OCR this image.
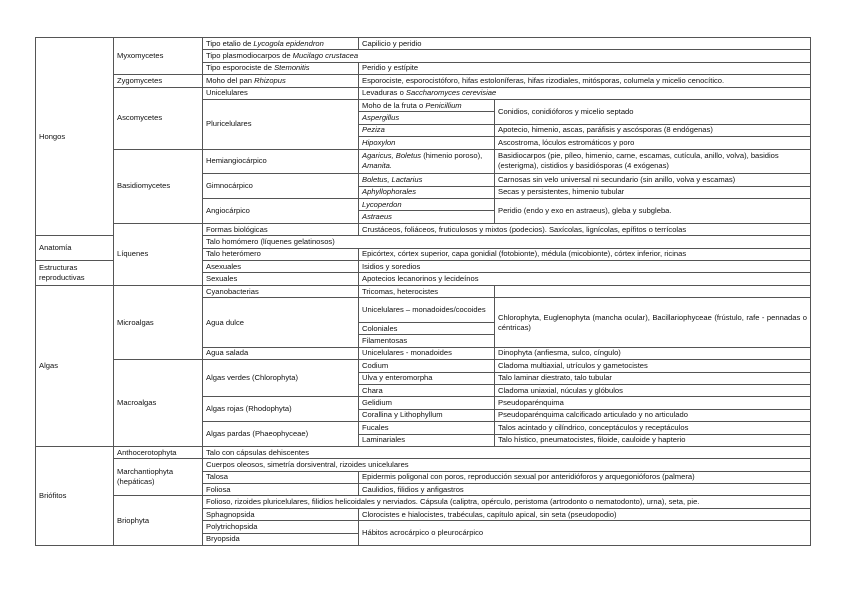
Hongos	Myxomycetes	Tipo etalio de Lycogola epidendron	Capilicio y peridio	
		Tipo plasmodiocarpos de Mucilago crustacea		
		Tipo esporociste de Stemonitis	Peridio y estípite	
	Zygomycetes	Moho del pan Rhizopus	Esporociste, esporocistóforo, hifas estoloníferas, hifas rizodiales, mitósporas, columela y micelio cenocítico.	
	Ascomycetes	Unicelulares	Levaduras o Saccharomyces cerevisiae	
		Pluricelulares	Moho de la fruta o Penicillium	Conidios, conidióforos y micelio septado
			Aspergillus	
			Peziza	Apotecio, himenio, ascas, paráfisis y ascósporas (8 endógenas)
			Hipoxylon	Ascostroma, lóculos estromáticos y poro
	Basidiomycetes	Hemiangiocárpico	Agaricus, Boletus (himenio poroso), Amanita.	Basidiocarpos (pie, píleo, himenio, carne, escamas, cutícula, anillo, volva), basidios (esterigma), cistidios y basidiósporas (4 exógenas)
		Gimnocárpico	Boletus, Lactarius	Carnosas sin velo universal ni secundario (sin anillo, volva y escamas)
			Aphyllophorales	Secas y persistentes, himenio tubular
		Angiocárpico	Lycoperdon	Peridio (endo y exo en astraeus), gleba y subgleba.
			Astraeus	
	Líquenes	Formas biológicas	Crustáceos, foliáceos, fruticulosos y mixtos (podecios). Saxícolas, lignícolas, epífitos o terrícolas	
Anatomía		Talo homómero (líquenes gelatinosos)		
		Talo heterómero	Epicórtex, córtex superior, capa gonidial (fotobionte), médula (micobionte), córtex inferior, ricinas	
Estructuras reproductivas		Asexuales	Isidios y soredios	
		Sexuales	Apotecios lecanorinos y lecideínos	
Algas	Microalgas	Cyanobacterias	Tricomas, heterocistes	
		Agua dulce	Unicelulares – monadoides/cocoides	Chlorophyta, Euglenophyta (mancha ocular), Bacillariophyceae (frústulo, rafe - pennadas o céntricas)
			Coloniales	
			Filamentosas	
		Agua salada	Unicelulares - monadoides	Dinophyta (anfiesma, sulco, cíngulo)
	Macroalgas	Algas verdes (Chlorophyta)	Codium	Cladoma multiaxial, utrículos y gametocistes
			Ulva y enteromorpha	Talo laminar diestrato, talo tubular
			Chara	Cladoma uniaxial, núculas y glóbulos
		Algas rojas (Rhodophyta)	Gelidium	Pseudoparénquima
			Corallina y Lithophyllum	Pseudoparénquima calcificado articulado y no articulado
		Algas pardas (Phaeophyceae)	Fucales	Talos acintado y cilíndrico, conceptáculos y receptáculos
			Laminariales	Talo hístico, pneumatocistes, filoide, cauloide y hapterio
Briófitos	Anthocerotophyta	Talo con cápsulas dehiscentes		
	Marchantiophyta (hepáticas)	Cuerpos oleosos, simetría dorsiventral, rizoides unicelulares		
		Talosa	Epidermis poligonal con poros, reproducción sexual por anteridióforos y arquegonióforos (palmera)	
		Foliosa	Caulidios, filidios y anfigastros	
	Briophyta	Folioso, rizoides pluricelulares, filidios helicoidales y nerviados. Cápsula (caliptra, opérculo, peristoma (artrodonto o nematodonto), urna), seta, pie.		
		Sphagnopsida	Clorocistes e hialocistes, trabéculas, capítulo apical, sin seta (pseudopodio)	
		Polytrichopsida	Hábitos acrocárpico o pleurocárpico	
		Bryopsida		
